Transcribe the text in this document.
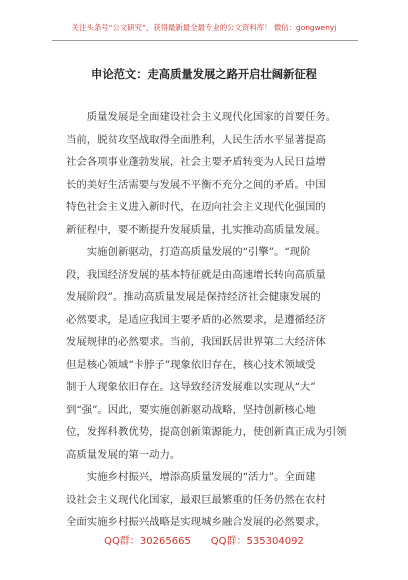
关注头条号“公文研究”，获得最新最全最专业的公文资料库！ 微信：gongwenyj
申论范文：走高质量发展之路开启壮阔新征程
　　质量发展是全面建设社会主义现代化国家的首要任务。
当前，脱贫攻坚战取得全面胜利，人民生活水平显著提高
社会各项事业蓬勃发展，社会主要矛盾转变为人民日益增
长的美好生活需要与发展不平衡不充分之间的矛盾。中国
特色社会主义进入新时代，在迈向社会主义现代化强国的
新征程中，要不断提升发展质量，扎实推动高质量发展。
　　实施创新驱动，打造高质量发展的“引擎”。“现阶
段，我国经济发展的基本特征就是由高速增长转向高质量
发展阶段”。推动高质量发展是保持经济社会健康发展的
必然要求，是适应我国主要矛盾的必然要求，是遵循经济
发展规律的必然要求。当前，我国跃居世界第二大经济体
但是核心领域“卡脖子”现象依旧存在，核心技术领域受
制于人现象依旧存在。这导致经济发展难以实现从“大”
到“强”。因此，要实施创新驱动战略，坚持创新核心地
位，发挥科教优势，提高创新策源能力，使创新真正成为引领
高质量发展的第一动力。
　　实施乡村振兴，增添高质量发展的“活力”。全面建
设社会主义现代化国家，最艰巨最繁重的任务仍然在农村
全面实施乡村振兴战略是实现城乡融合发展的必然要求，
QQ群：30265665　　QQ群：535304092
